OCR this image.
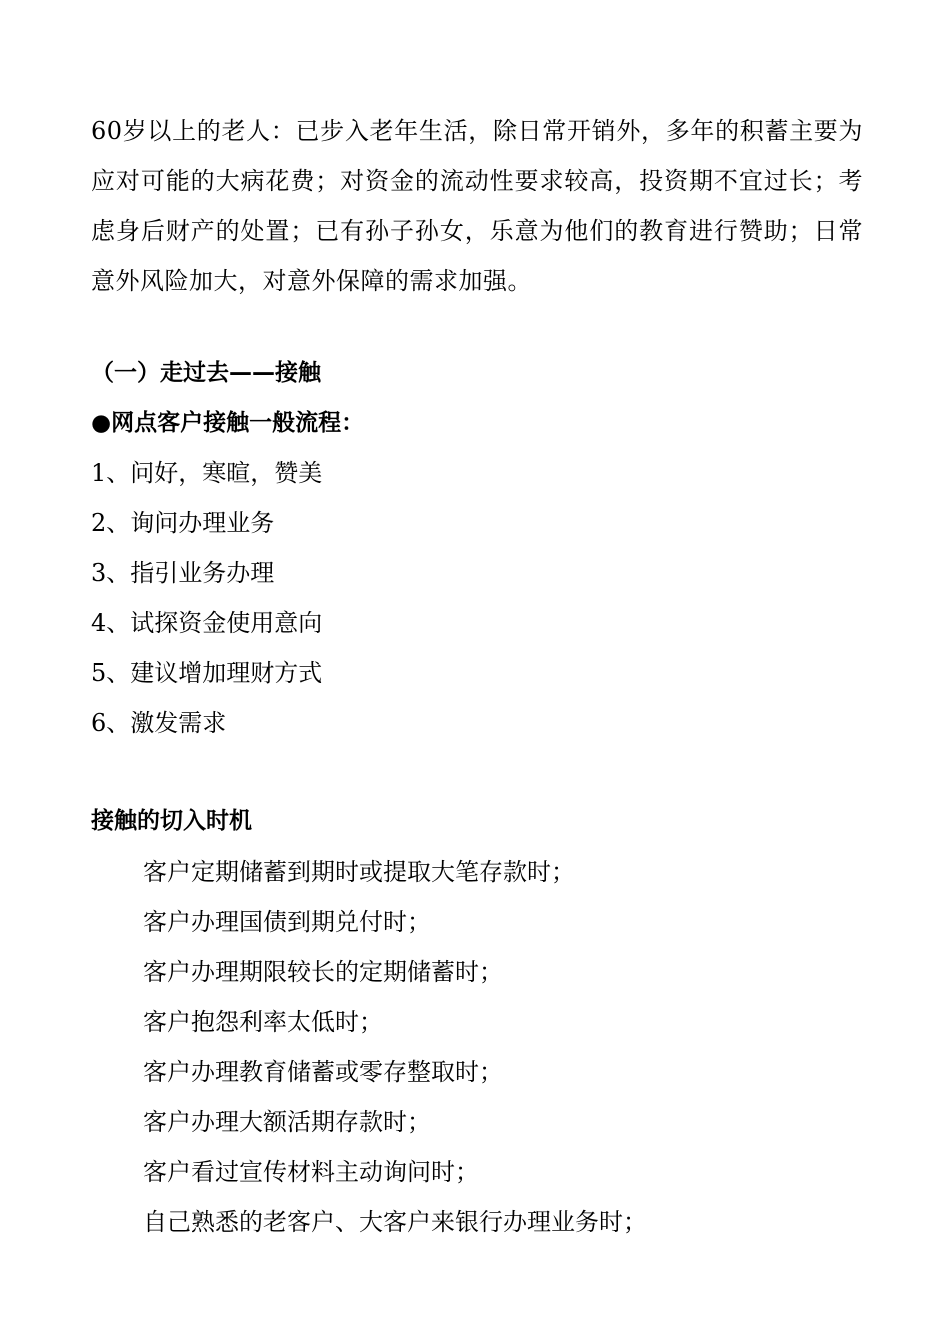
60岁以上的老人：已步入老年生活，除日常开销外，多年的积蓄主要为应对可能的大病花费；对资金的流动性要求较高，投资期不宜过长；考虑身后财产的处置；已有孙子孙女，乐意为他们的教育进行赞助；日常意外风险加大，对意外保障的需求加强。

（一）走过去——接触
●网点客户接触一般流程：
1、问好，寒暄，赞美
2、询问办理业务
3、指引业务办理
4、试探资金使用意向
5、建议增加理财方式
6、激发需求
接触的切入时机
客户定期储蓄到期时或提取大笔存款时；
客户办理国债到期兑付时；
客户办理期限较长的定期储蓄时；
客户抱怨利率太低时；
客户办理教育储蓄或零存整取时；
客户办理大额活期存款时；
客户看过宣传材料主动询问时；
自己熟悉的老客户、大客户来银行办理业务时；
